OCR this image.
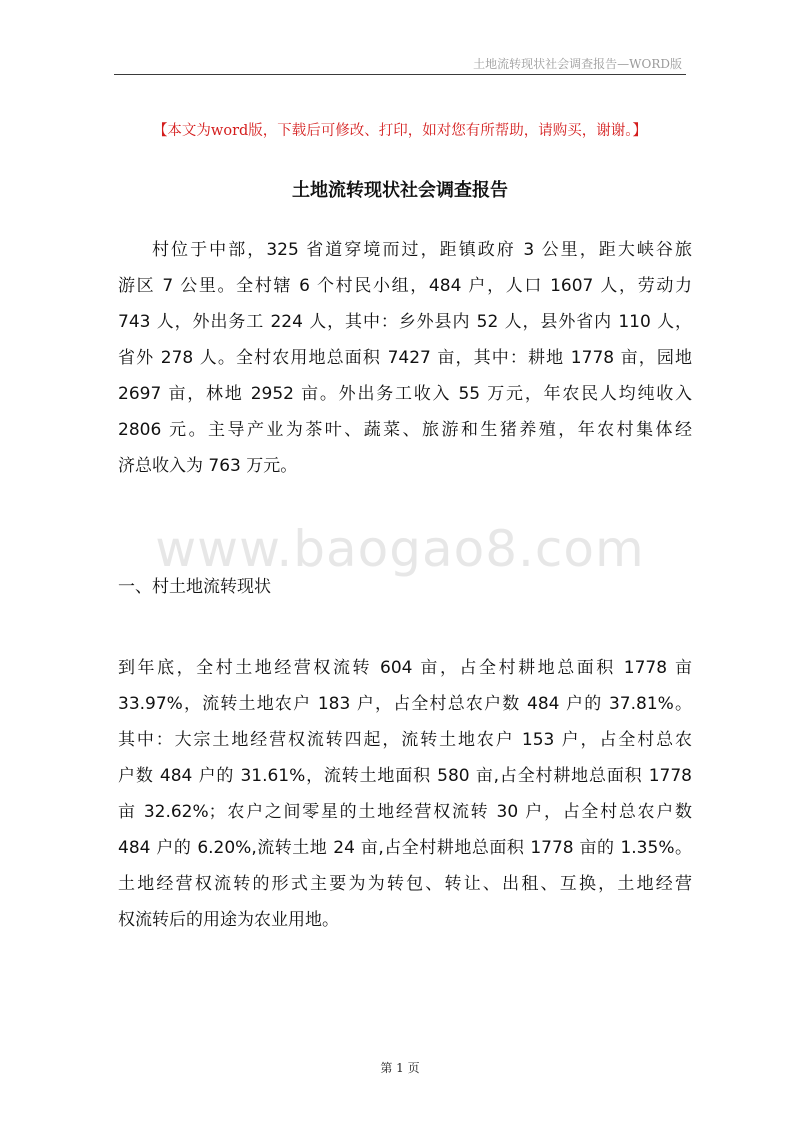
土地流转现状社会调查报告—WORD版
【本文为word版，下载后可修改、打印，如对您有所帮助，请购买，谢谢。】
土地流转现状社会调查报告
村位于中部，325 省道穿境而过，距镇政府 3 公里，距大峡谷旅
游区 7 公里。全村辖 6 个村民小组，484 户，人口 1607 人，劳动力
743 人，外出务工 224 人，其中：乡外县内 52 人，县外省内 110 人，
省外 278 人。全村农用地总面积 7427 亩，其中：耕地 1778 亩，园地
2697 亩，林地 2952 亩。外出务工收入 55 万元，年农民人均纯收入
2806 元。主导产业为茶叶、蔬菜、旅游和生猪养殖，年农村集体经
济总收入为 763 万元。
www.baogao8.com
一、村土地流转现状
到年底，全村土地经营权流转 604 亩，占全村耕地总面积 1778 亩
33.97%，流转土地农户 183 户，占全村总农户数 484 户的 37.81%。
其中：大宗土地经营权流转四起，流转土地农户 153 户，占全村总农
户数 484 户的 31.61%，流转土地面积 580 亩,占全村耕地总面积 1778
亩 32.62%；农户之间零星的土地经营权流转 30 户，占全村总农户数
484 户的 6.20%,流转土地 24 亩,占全村耕地总面积 1778 亩的 1.35%。
土地经营权流转的形式主要为为转包、转让、出租、互换，土地经营
权流转后的用途为农业用地。
第 1 页
